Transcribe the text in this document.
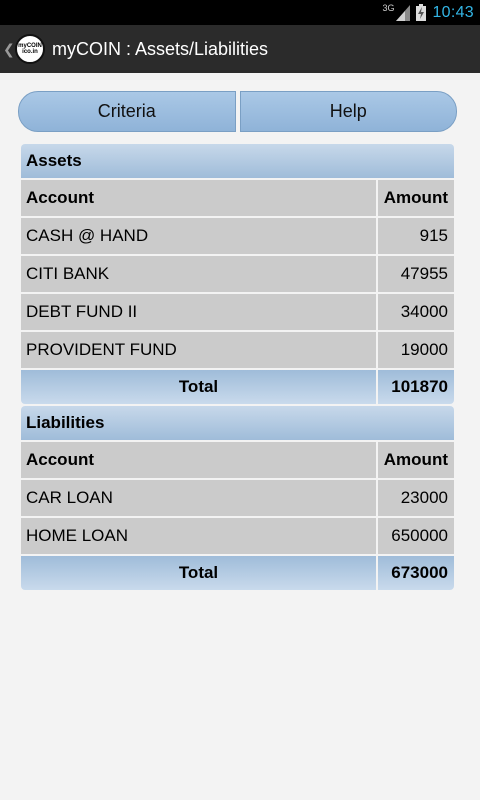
3G 10:43
❮ myCOIN
ico.in myCOIN : Assets/Liabilities
Criteria	Help
Assets
Account	Amount
CASH @ HAND	915
CITI BANK	47955
DEBT FUND II	34000
PROVIDENT FUND	19000
Total	101870
Liabilities
Account	Amount
CAR LOAN	23000
HOME LOAN	650000
Total	673000
